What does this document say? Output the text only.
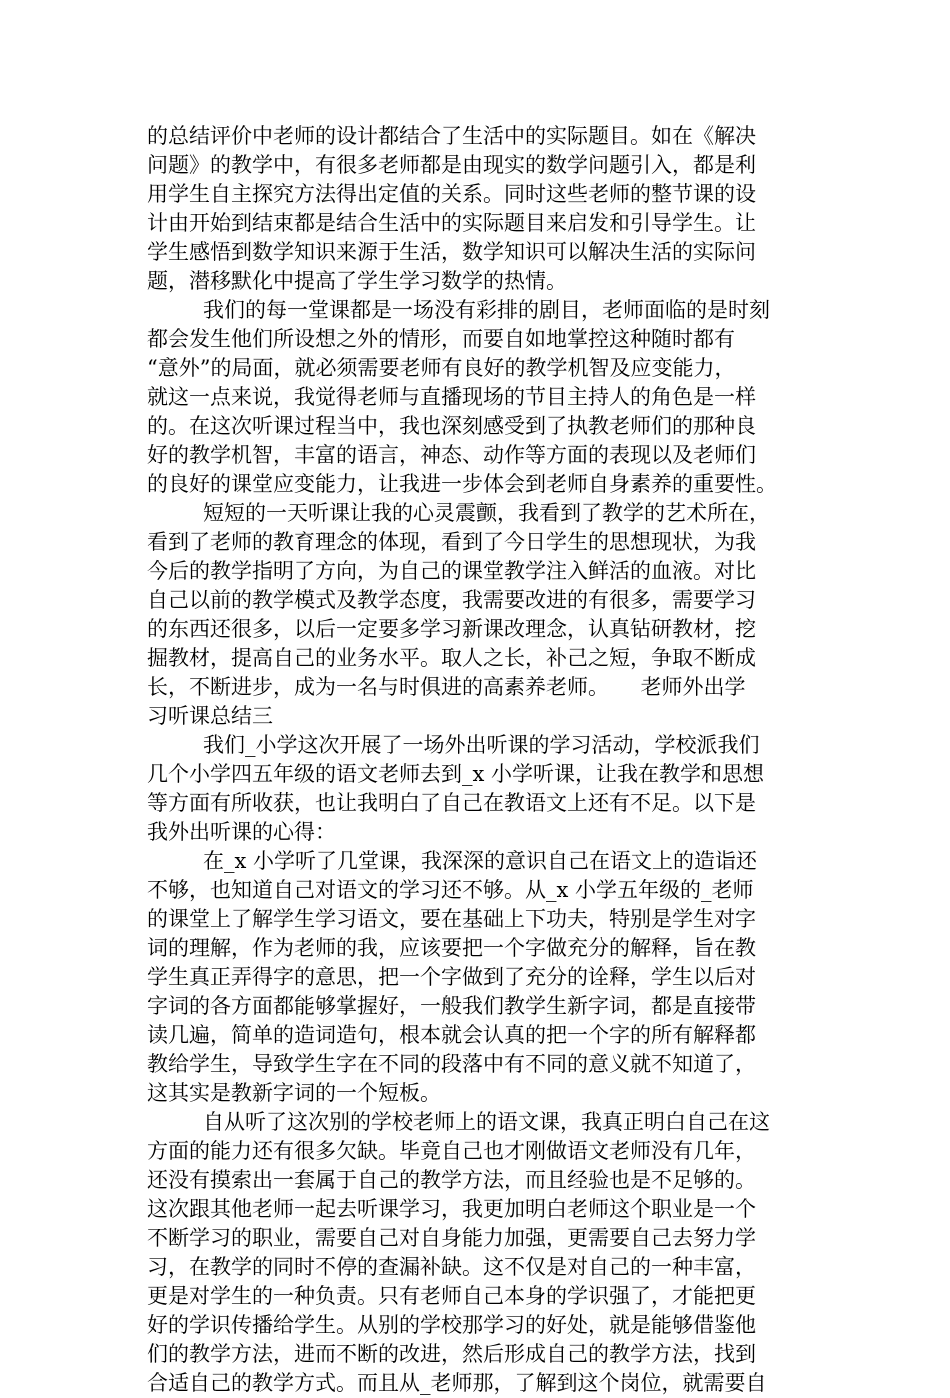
的总结评价中老师的设计都结合了生活中的实际题目。如在《解决
问题》的教学中，有很多老师都是由现实的数学问题引入，都是利
用学生自主探究方法得出定值的关系。同时这些老师的整节课的设
计由开始到结束都是结合生活中的实际题目来启发和引导学生。让
学生感悟到数学知识来源于生活，数学知识可以解决生活的实际问
题，潜移默化中提高了学生学习数学的热情。
我们的每一堂课都是一场没有彩排的剧目，老师面临的是时刻
都会发生他们所设想之外的情形，而要自如地掌控这种随时都有
“意外”的局面，就必须需要老师有良好的教学机智及应变能力，
就这一点来说，我觉得老师与直播现场的节目主持人的角色是一样
的。在这次听课过程当中，我也深刻感受到了执教老师们的那种良
好的教学机智，丰富的语言，神态、动作等方面的表现以及老师们
的良好的课堂应变能力，让我进一步体会到老师自身素养的重要性。
短短的一天听课让我的心灵震颤，我看到了教学的艺术所在，
看到了老师的教育理念的体现，看到了今日学生的思想现状，为我
今后的教学指明了方向，为自己的课堂教学注入鲜活的血液。对比
自己以前的教学模式及教学态度，我需要改进的有很多，需要学习
的东西还很多，以后一定要多学习新课改理念，认真钻研教材，挖
掘教材，提高自己的业务水平。取人之长，补己之短，争取不断成
长，不断进步，成为一名与时俱进的高素养老师。　　老师外出学
习听课总结三
我们_小学这次开展了一场外出听课的学习活动，学校派我们
几个小学四五年级的语文老师去到_x 小学听课，让我在教学和思想
等方面有所收获，也让我明白了自己在教语文上还有不足。以下是
我外出听课的心得：
在_x 小学听了几堂课，我深深的意识自己在语文上的造诣还
不够，也知道自己对语文的学习还不够。从_x 小学五年级的_老师
的课堂上了解学生学习语文，要在基础上下功夫，特别是学生对字
词的理解，作为老师的我，应该要把一个字做充分的解释，旨在教
学生真正弄得字的意思，把一个字做到了充分的诠释，学生以后对
字词的各方面都能够掌握好，一般我们教学生新字词，都是直接带
读几遍，简单的造词造句，根本就会认真的把一个字的所有解释都
教给学生，导致学生字在不同的段落中有不同的意义就不知道了，
这其实是教新字词的一个短板。
自从听了这次别的学校老师上的语文课，我真正明白自己在这
方面的能力还有很多欠缺。毕竟自己也才刚做语文老师没有几年，
还没有摸索出一套属于自己的教学方法，而且经验也是不足够的。
这次跟其他老师一起去听课学习，我更加明白老师这个职业是一个
不断学习的职业，需要自己对自身能力加强，更需要自己去努力学
习，在教学的同时不停的查漏补缺。这不仅是对自己的一种丰富，
更是对学生的一种负责。只有老师自己本身的学识强了，才能把更
好的学识传播给学生。从别的学校那学习的好处，就是能够借鉴他
们的教学方法，进而不断的改进，然后形成自己的教学方法，找到
合适自己的教学方式。而且从_老师那，了解到这个岗位，就需要自
